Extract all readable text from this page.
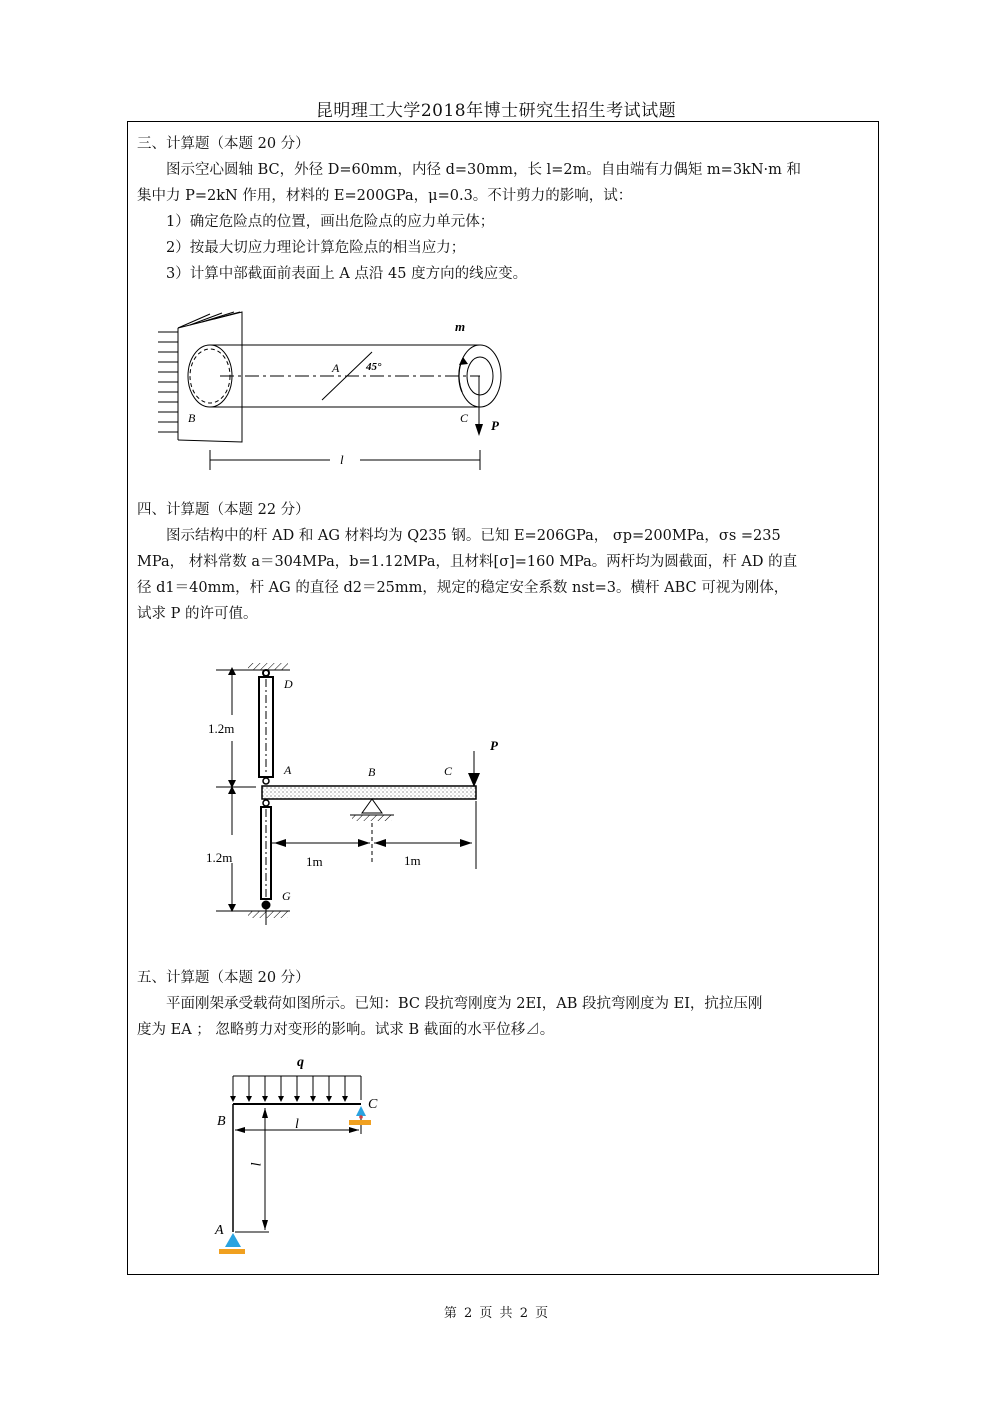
昆明理工大学2018年博士研究生招生考试试题
三、计算题（本题 20 分）
图示空心圆轴 BC，外径 D=60mm，内径 d=30mm，长 l=2m。自由端有力偶矩 m=3kN·m 和
集中力 P=2kN 作用，材料的 E=200GPa，μ=0.3。不计剪力的影响，试：
1）确定危险点的位置，画出危险点的应力单元体；
2）按最大切应力理论计算危险点的相当应力；
3）计算中部截面前表面上 A 点沿 45 度方向的线应变。
m
A 45°
B	C P
l
四、计算题（本题 22 分）
图示结构中的杆 AD 和 AG 材料均为 Q235 钢。已知 E=206GPa， σp=200MPa，σs =235
MPa， 材料常数 a＝304MPa，b=1.12MPa，且材料[σ]=160 MPa。两杆均为圆截面，杆 AD 的直
径 d1＝40mm，杆 AG 的直径 d2＝25mm，规定的稳定安全系数 nst=3。横杆 ABC 可视为刚体，
试求 P 的许可值。
D
A	B	C
P
G
1.2m
1.2m	1m	1m
五、计算题（本题 20 分）
平面刚架承受载荷如图所示。已知：BC 段抗弯刚度为 2EI，AB 段抗弯刚度为 EI，抗拉压刚
度为 EA ； 忽略剪力对变形的影响。试求 B 截面的水平位移⊿。
q
B
C
A
l
l
第 2 页 共 2 页
